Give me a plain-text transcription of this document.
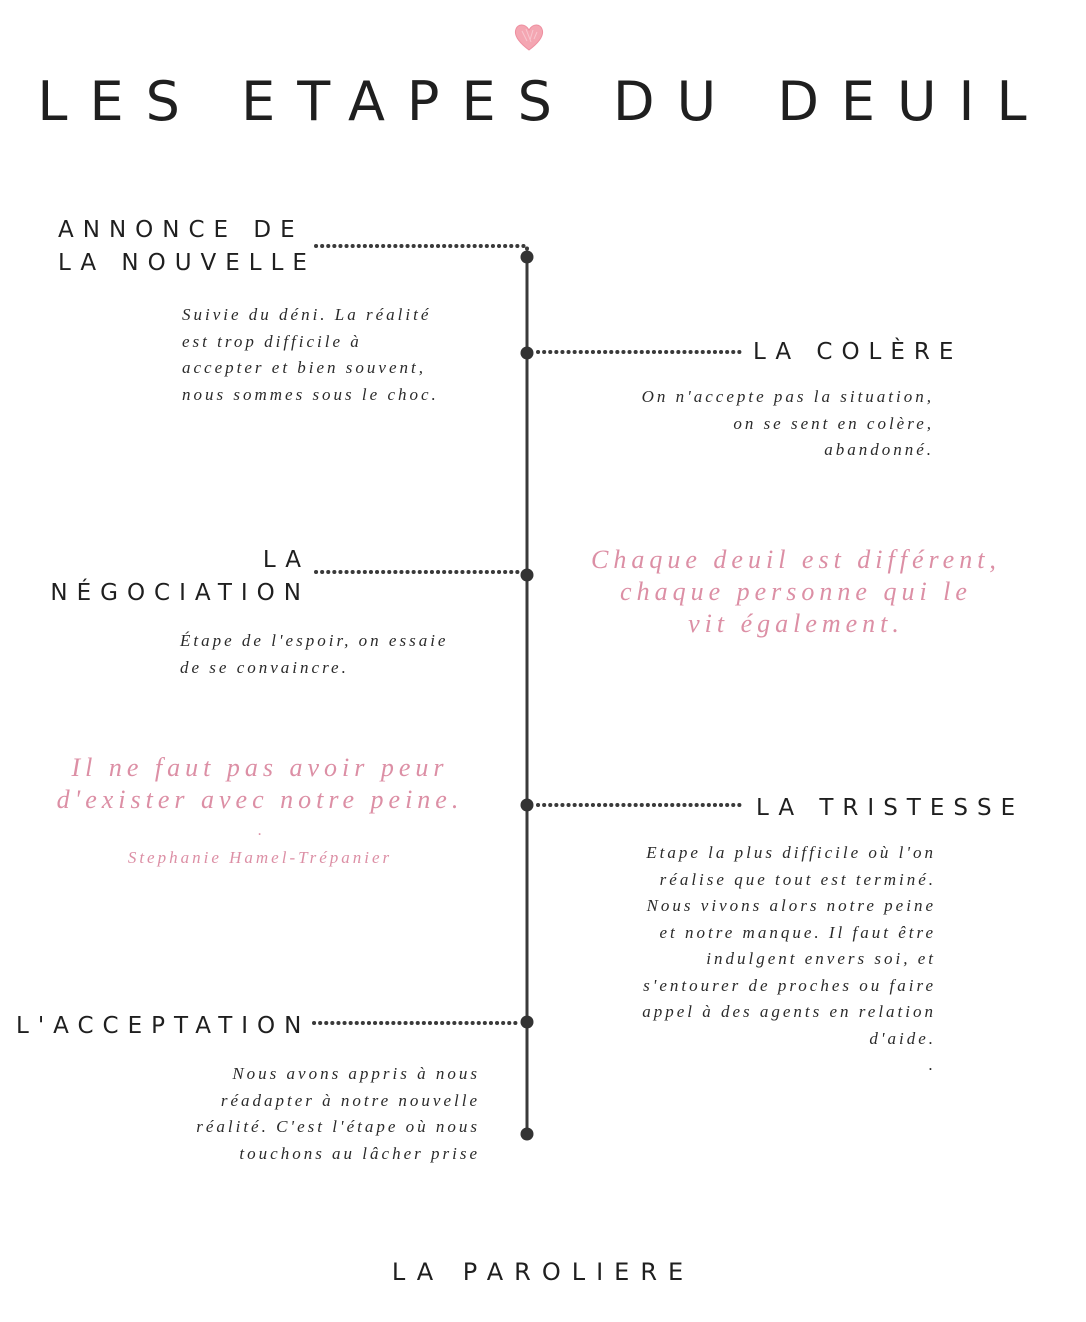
LES ETAPES DU DEUIL
ANNONCE DE
LA NOUVELLE
Suivie du déni. La réalité
est trop difficile à
accepter et bien souvent,
nous sommes sous le choc.
LA COLÈRE
On n'accepte pas la situation,
on se sent en colère,
abandonné.
LA
NÉGOCIATION
Étape de l'espoir, on essaie
de se convaincre.
Chaque deuil est différent,
chaque personne qui le
vit également.
Il ne faut pas avoir peur
d'exister avec notre peine.
.
Stephanie Hamel-Trépanier
LA TRISTESSE
Etape la plus difficile où l'on
réalise que tout est terminé.
Nous vivons alors notre peine
et notre manque. Il faut être
indulgent envers soi, et
s'entourer de proches ou faire
appel à des agents en relation
d'aide.
.
L'ACCEPTATION
Nous avons appris à nous
réadapter à notre nouvelle
réalité. C'est l'étape où nous
touchons au lâcher prise
LA PAROLIERE
